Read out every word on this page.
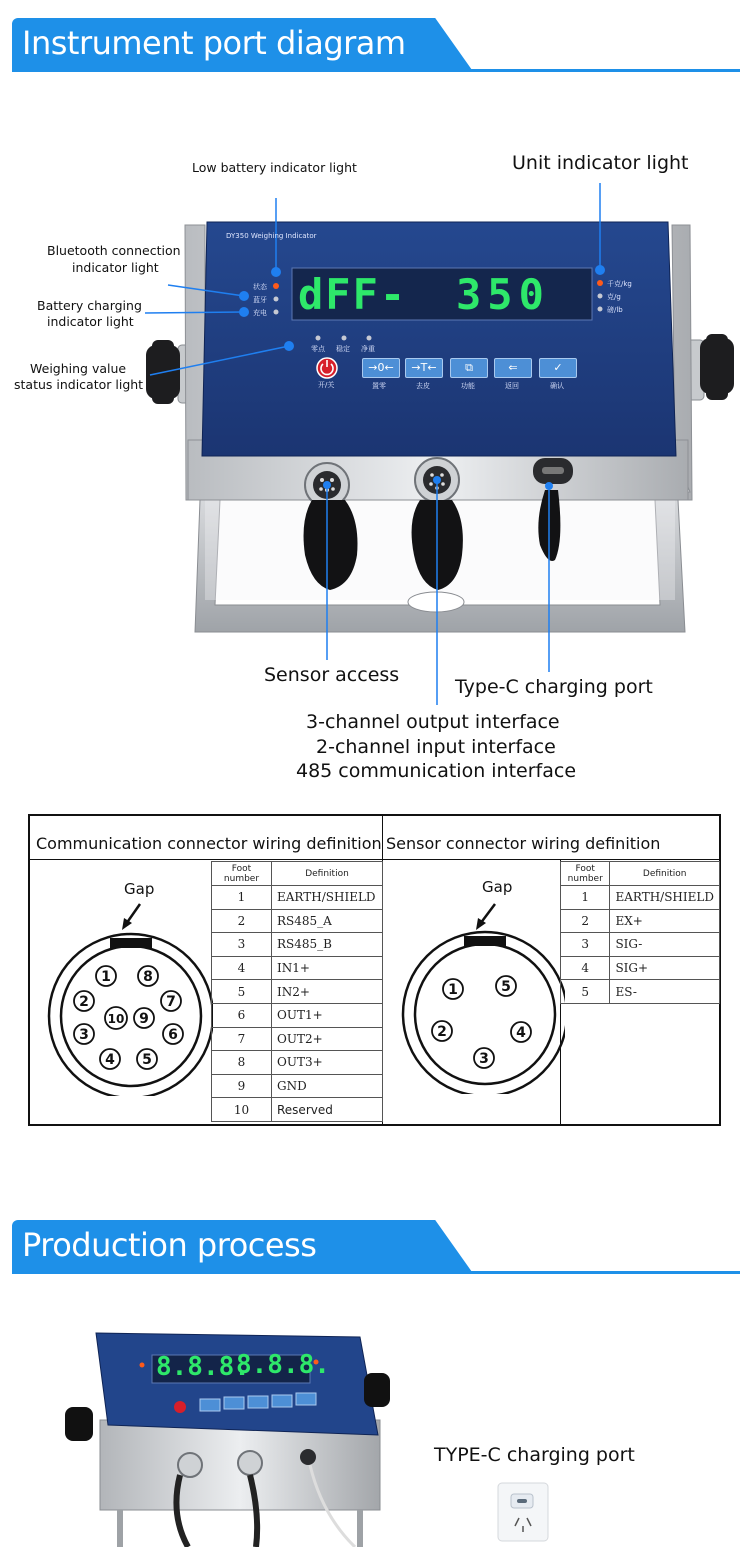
Instrument port diagram
DY350 Weighing Indicator
dFF- 350
状态
蓝牙
充电
千克/kg
克/g
磅/lb
零点 稳定 净重
开/关
→0←	→T←	⧉	⇐	✓
置零	去皮	功能	返回	确认
Low battery indicator light	Unit indicator light
Bluetooth connection
indicator light
Battery charging
indicator light
Weighing value
status indicator light
Sensor access
Type-C charging port
3-channel output interface
2-channel input interface
485 communication interface
Communication connector wiring definition Sensor connector wiring definition
Gap
1
2
3
4 5
6
7
8
9
10
Foot number	Definition
1	EARTH/SHIELD
2	RS485_A
3	RS485_B
4	IN1+
5	IN2+
6	OUT1+
7	OUT2+
8	OUT3+
9	GND
10	Reserved
Gap
1
2
3
4
5
Foot number	Definition
1	EARTH/SHIELD
2	EX+
3	SIG-
4	SIG+
5	ES-
Production process
8.8.8.
8.8.8.
TYPE-C charging port
